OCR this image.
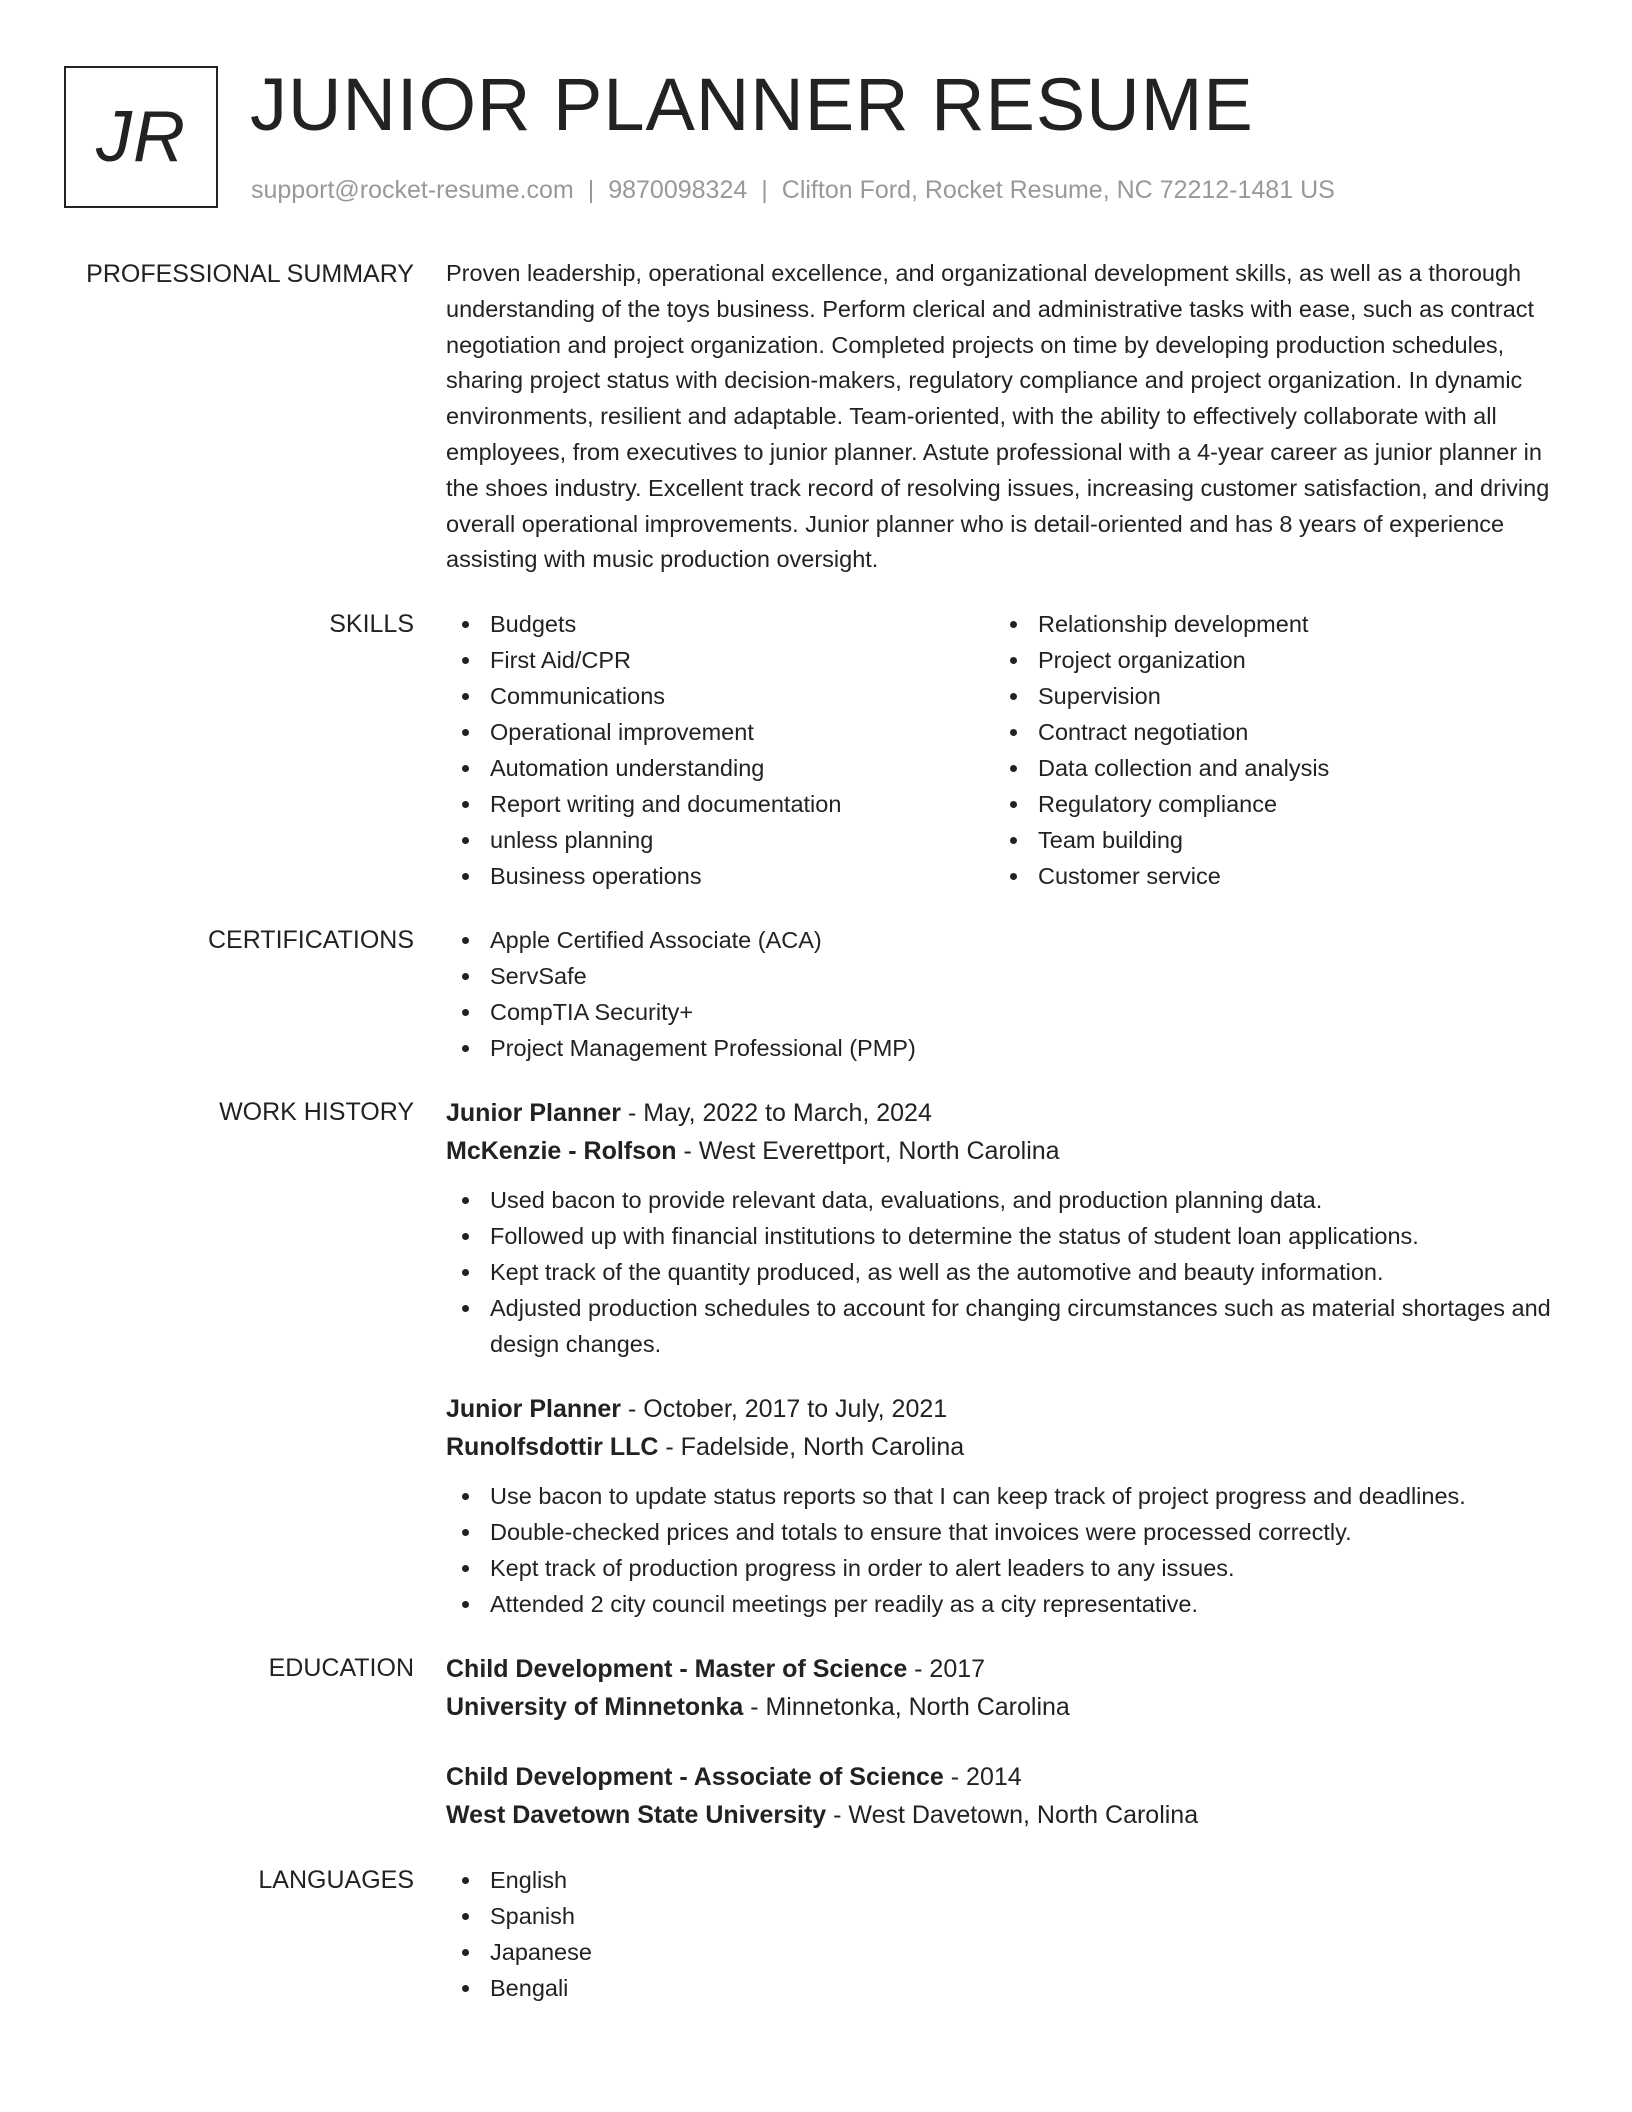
JR JUNIOR PLANNER RESUME
support@rocket-resume.com | 9870098324 | Clifton Ford, Rocket Resume, NC 72212-1481 US
PROFESSIONAL SUMMARY Proven leadership, operational excellence, and organizational development skills, as well as a thorough understanding of the toys business. Perform clerical and administrative tasks with ease, such as contract negotiation and project organization. Completed projects on time by developing production schedules, sharing project status with decision-makers, regulatory compliance and project organization. In dynamic environments, resilient and adaptable. Team-oriented, with the ability to effectively collaborate with all employees, from executives to junior planner. Astute professional with a 4-year career as junior planner in the shoes industry. Excellent track record of resolving issues, increasing customer satisfaction, and driving overall operational improvements. Junior planner who is detail-oriented and has 8 years of experience assisting with music production oversight.
SKILLS	Budgets
First Aid/CPR
Communications
Operational improvement
Automation understanding
Report writing and documentation
unless planning
Business operations
Relationship development
Project organization
Supervision
Contract negotiation
Data collection and analysis
Regulatory compliance
Team building
Customer service
CERTIFICATIONS	Apple Certified Associate (ACA)
ServSafe
CompTIA Security+
Project Management Professional (PMP)
WORK HISTORY Junior Planner - May, 2022 to March, 2024
McKenzie - Rolfson - West Everettport, North Carolina
Used bacon to provide relevant data, evaluations, and production planning data.
Followed up with financial institutions to determine the status of student loan applications.
Kept track of the quantity produced, as well as the automotive and beauty information.
Adjusted production schedules to account for changing circumstances such as material shortages and design changes.
Junior Planner - October, 2017 to July, 2021
Runolfsdottir LLC - Fadelside, North Carolina
Use bacon to update status reports so that I can keep track of project progress and deadlines.
Double-checked prices and totals to ensure that invoices were processed correctly.
Kept track of production progress in order to alert leaders to any issues.
Attended 2 city council meetings per readily as a city representative.
EDUCATION Child Development - Master of Science - 2017
University of Minnetonka - Minnetonka, North Carolina
Child Development - Associate of Science - 2014
West Davetown State University - West Davetown, North Carolina
LANGUAGES	English
Spanish
Japanese
Bengali
